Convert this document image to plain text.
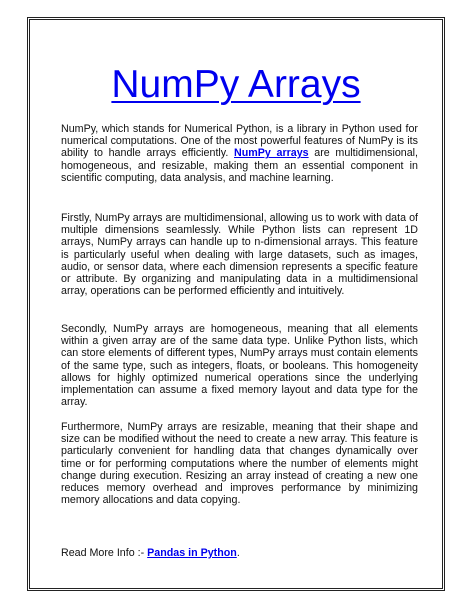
NumPy Arrays

NumPy, which stands for Numerical Python, is a library in Python used for numerical computations. One of the most powerful features of NumPy is its ability to handle arrays efficiently. NumPy arrays are multidimensional, homogeneous, and resizable, making them an essential component in scientific computing, data analysis, and machine learning.

Firstly, NumPy arrays are multidimensional, allowing us to work with data of multiple dimensions seamlessly. While Python lists can represent 1D arrays, NumPy arrays can handle up to n-dimensional arrays. This feature is particularly useful when dealing with large datasets, such as images, audio, or sensor data, where each dimension represents a specific feature or attribute. By organizing and manipulating data in a multidimensional array, operations can be performed efficiently and intuitively.

Secondly, NumPy arrays are homogeneous, meaning that all elements within a given array are of the same data type. Unlike Python lists, which can store elements of different types, NumPy arrays must contain elements of the same type, such as integers, floats, or booleans. This homogeneity allows for highly optimized numerical operations since the underlying implementation can assume a fixed memory layout and data type for the array.

Furthermore, NumPy arrays are resizable, meaning that their shape and size can be modified without the need to create a new array. This feature is particularly convenient for handling data that changes dynamically over time or for performing computations where the number of elements might change during execution. Resizing an array instead of creating a new one reduces memory overhead and improves performance by minimizing memory allocations and data copying.

Read More Info :- Pandas in Python.
